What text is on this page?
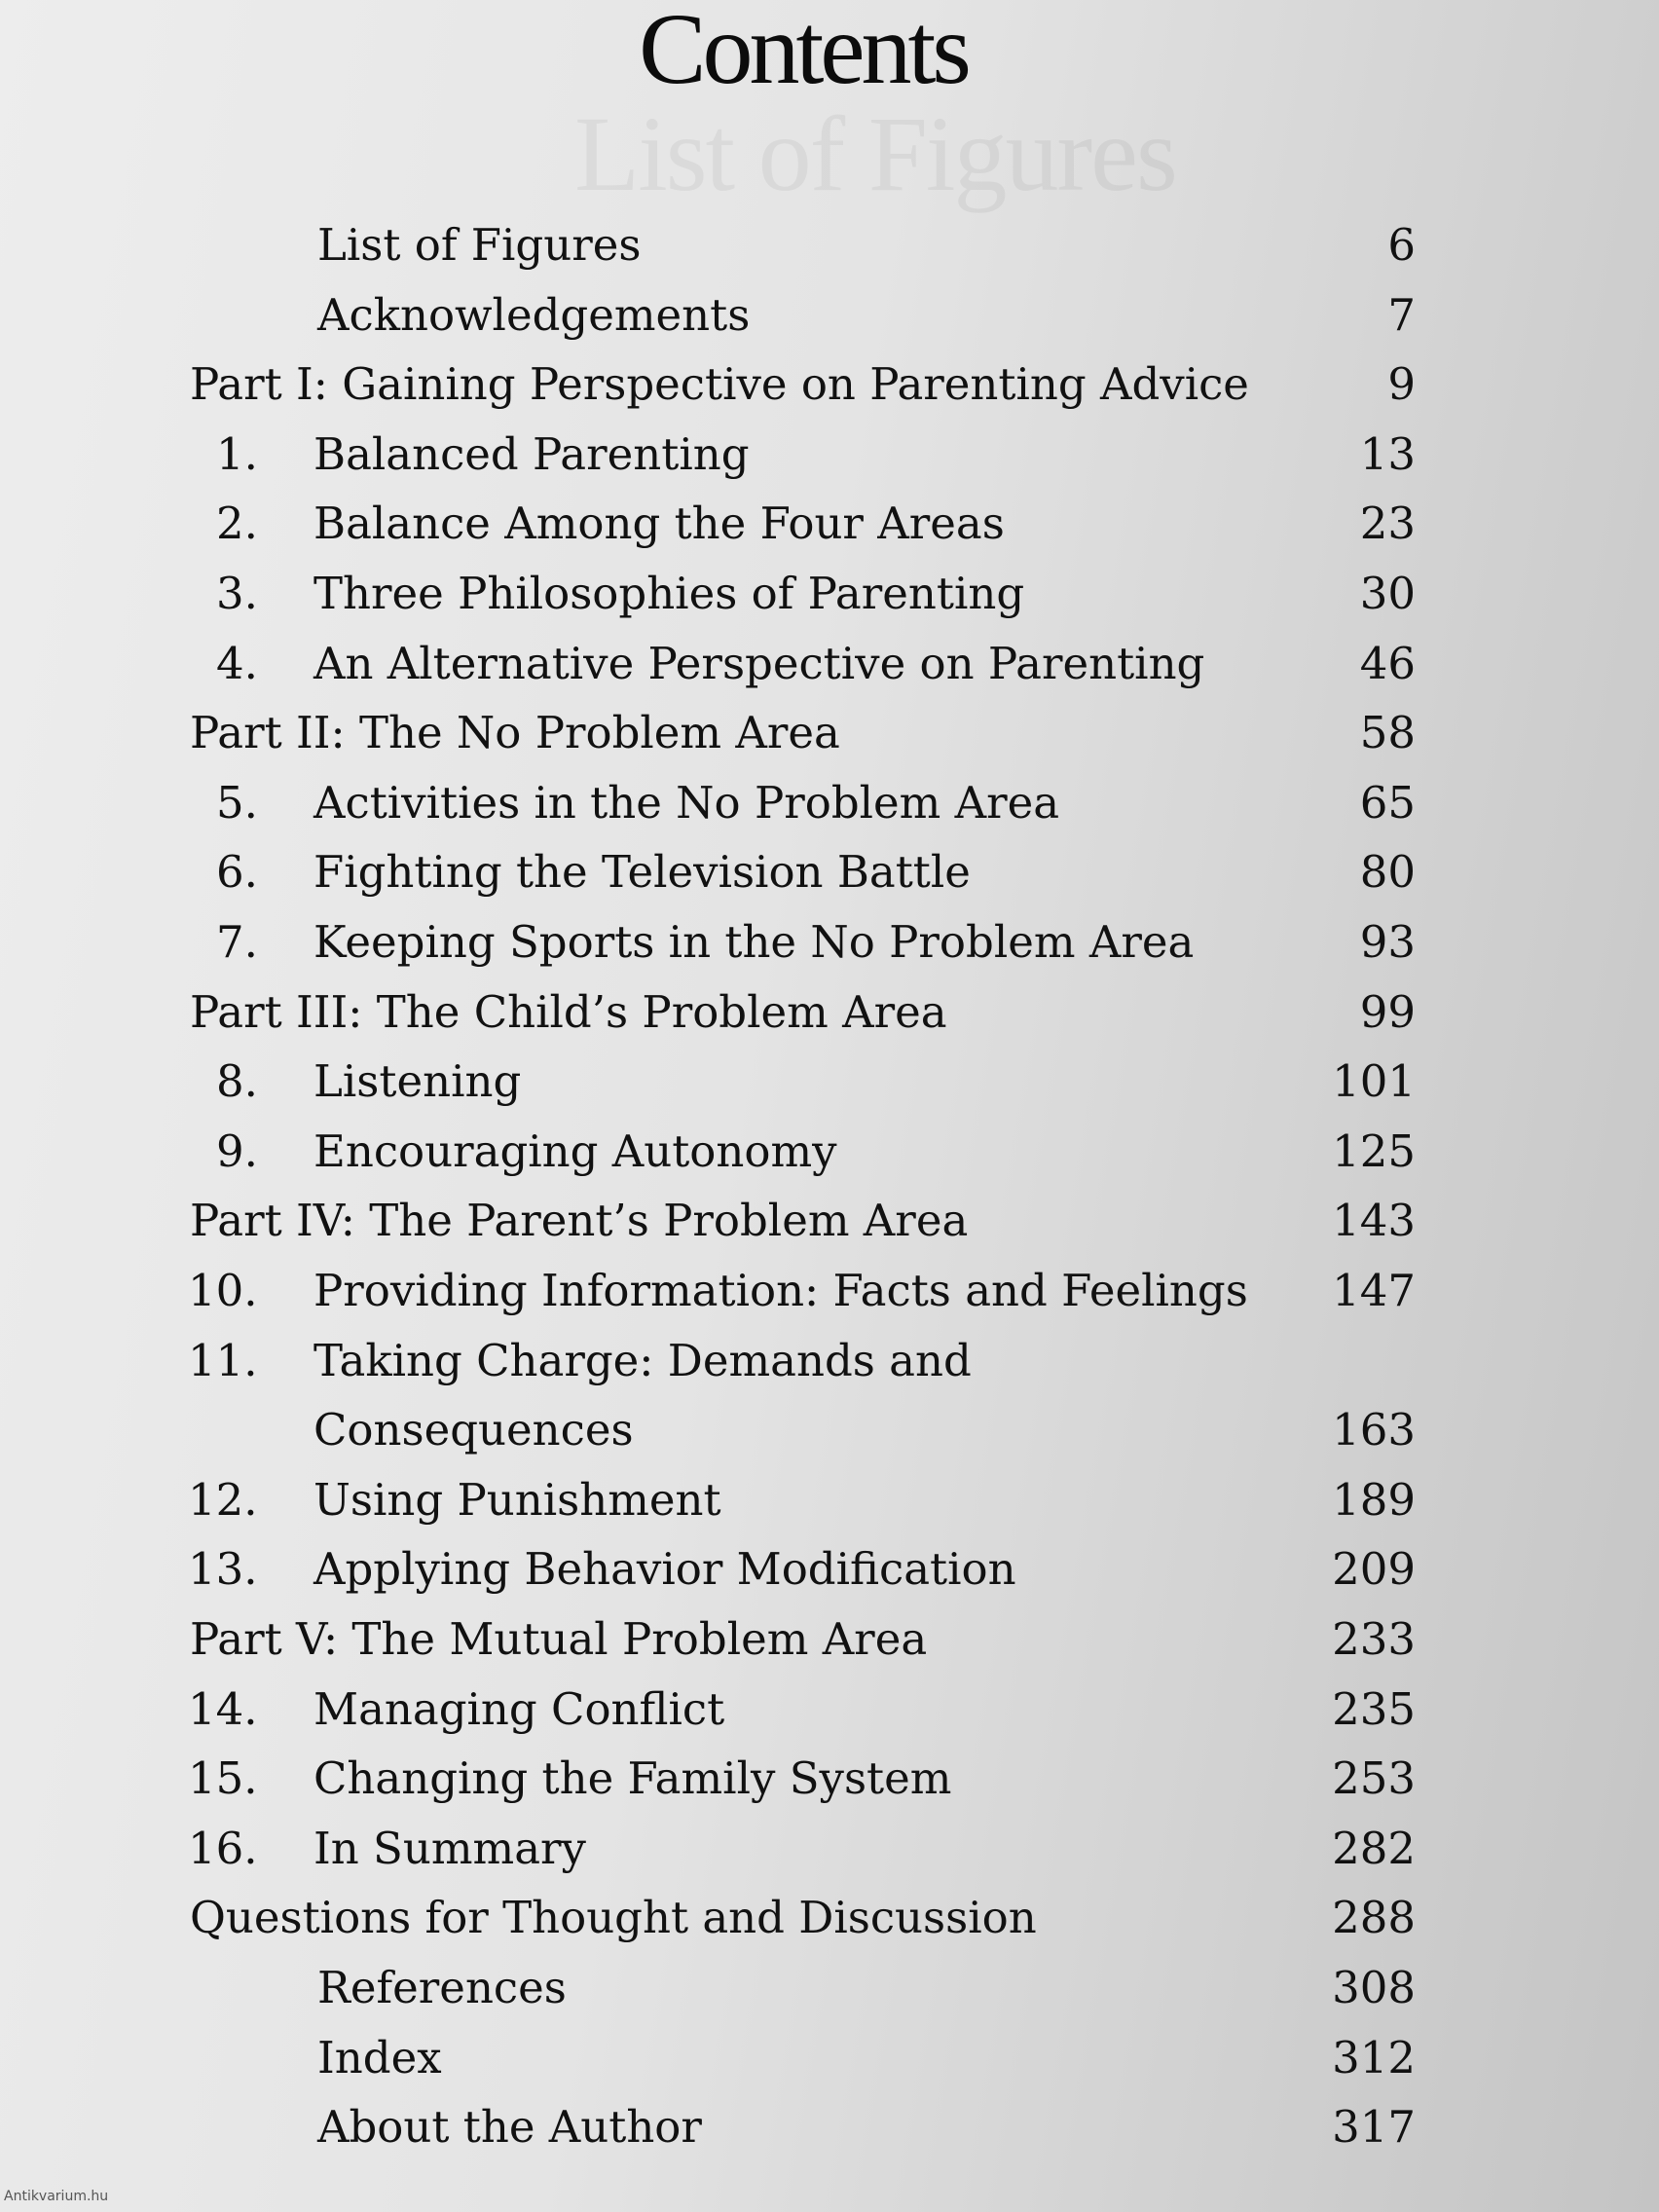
List of Figures
Contents
List of Figures	6
Acknowledgements	7
Part I: Gaining Perspective on Parenting Advice	9
1.	Balanced Parenting	13
2.	Balance Among the Four Areas	23
3.	Three Philosophies of Parenting	30
4.	An Alternative Perspective on Parenting	46
Part II: The No Problem Area	58
5.	Activities in the No Problem Area	65
6.	Fighting the Television Battle	80
7.	Keeping Sports in the No Problem Area	93
Part III: The Child’s Problem Area	99
8.	Listening	101
9.	Encouraging Autonomy	125
Part IV: The Parent’s Problem Area	143
10.	Providing Information: Facts and Feelings 147
11.	Taking Charge: Demands and
Consequences	163
12.	Using Punishment	189
13.	Applying Behavior Modification	209
Part V: The Mutual Problem Area	233
14.	Managing Conflict	235
15.	Changing the Family System	253
16.	In Summary	282
Questions for Thought and Discussion	288
References	308
Index	312
About the Author	317
Antikvarium.hu
